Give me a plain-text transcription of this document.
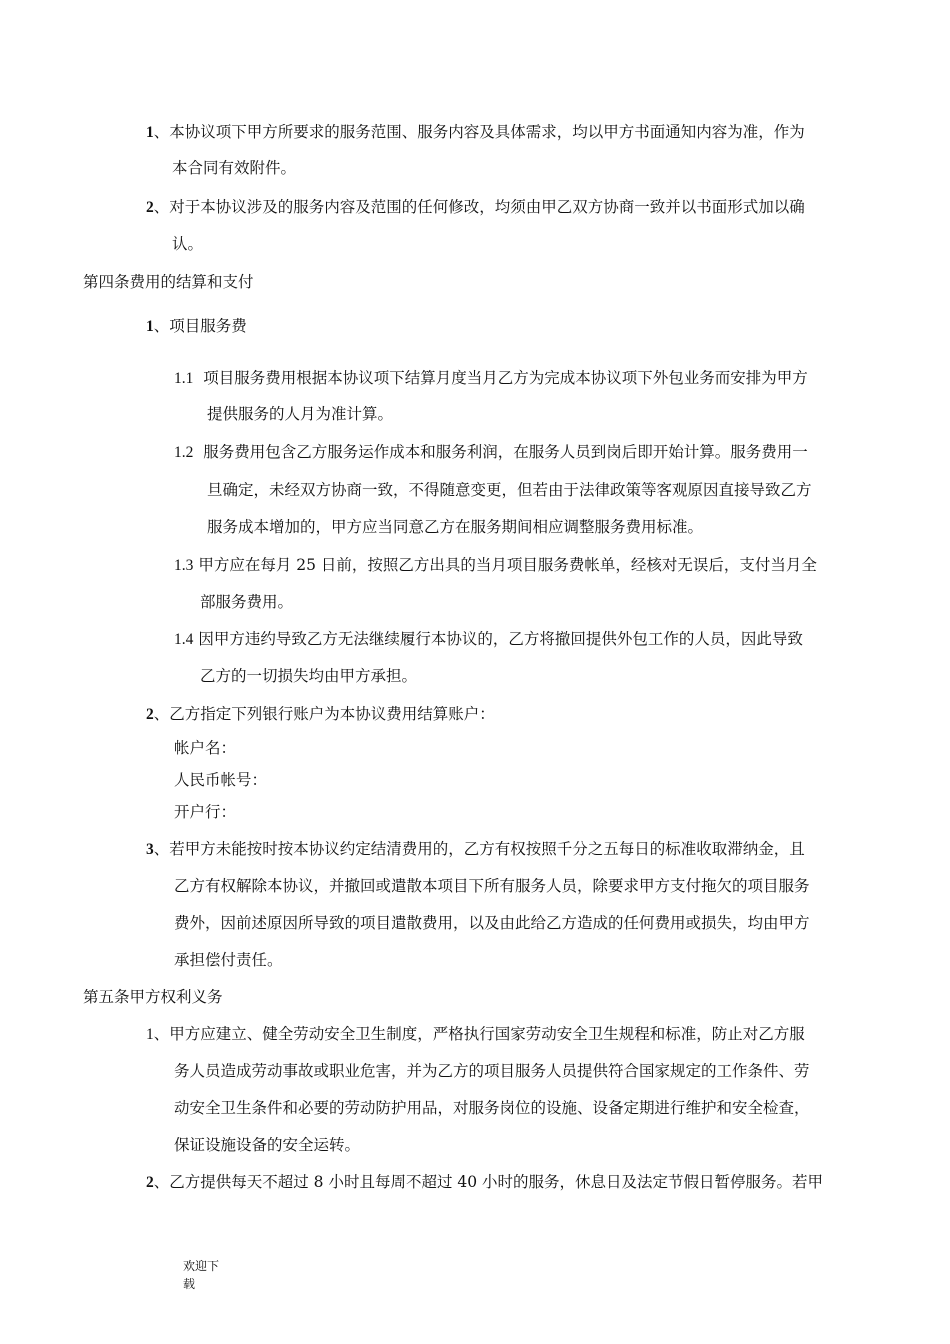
1、本协议项下甲方所要求的服务范围、服务内容及具体需求，均以甲方书面通知内容为准，作为
本合同有效附件。
2、对于本协议涉及的服务内容及范围的任何修改，均须由甲乙双方协商一致并以书面形式加以确
认。
第四条费用的结算和支付
1、项目服务费
1.1 项目服务费用根据本协议项下结算月度当月乙方为完成本协议项下外包业务而安排为甲方
提供服务的人月为准计算。
1.2 服务费用包含乙方服务运作成本和服务利润，在服务人员到岗后即开始计算。服务费用一
旦确定，未经双方协商一致，不得随意变更，但若由于法律政策等客观原因直接导致乙方
服务成本增加的，甲方应当同意乙方在服务期间相应调整服务费用标准。
1.3 甲方应在每月 25 日前，按照乙方出具的当月项目服务费帐单，经核对无误后，支付当月全
部服务费用。
1.4 因甲方违约导致乙方无法继续履行本协议的，乙方将撤回提供外包工作的人员，因此导致
乙方的一切损失均由甲方承担。
2、乙方指定下列银行账户为本协议费用结算账户：
帐户名：
人民币帐号：
开户行：
3、若甲方未能按时按本协议约定结清费用的，乙方有权按照千分之五每日的标准收取滞纳金，且
乙方有权解除本协议，并撤回或遣散本项目下所有服务人员，除要求甲方支付拖欠的项目服务
费外，因前述原因所导致的项目遣散费用，以及由此给乙方造成的任何费用或损失，均由甲方
承担偿付责任。
第五条甲方权利义务
1、甲方应建立、健全劳动安全卫生制度，严格执行国家劳动安全卫生规程和标准，防止对乙方服
务人员造成劳动事故或职业危害，并为乙方的项目服务人员提供符合国家规定的工作条件、劳
动安全卫生条件和必要的劳动防护用品，对服务岗位的设施、设备定期进行维护和安全检查，
保证设施设备的安全运转。
2、乙方提供每天不超过 8 小时且每周不超过 40 小时的服务，休息日及法定节假日暂停服务。若甲
欢迎下
载
